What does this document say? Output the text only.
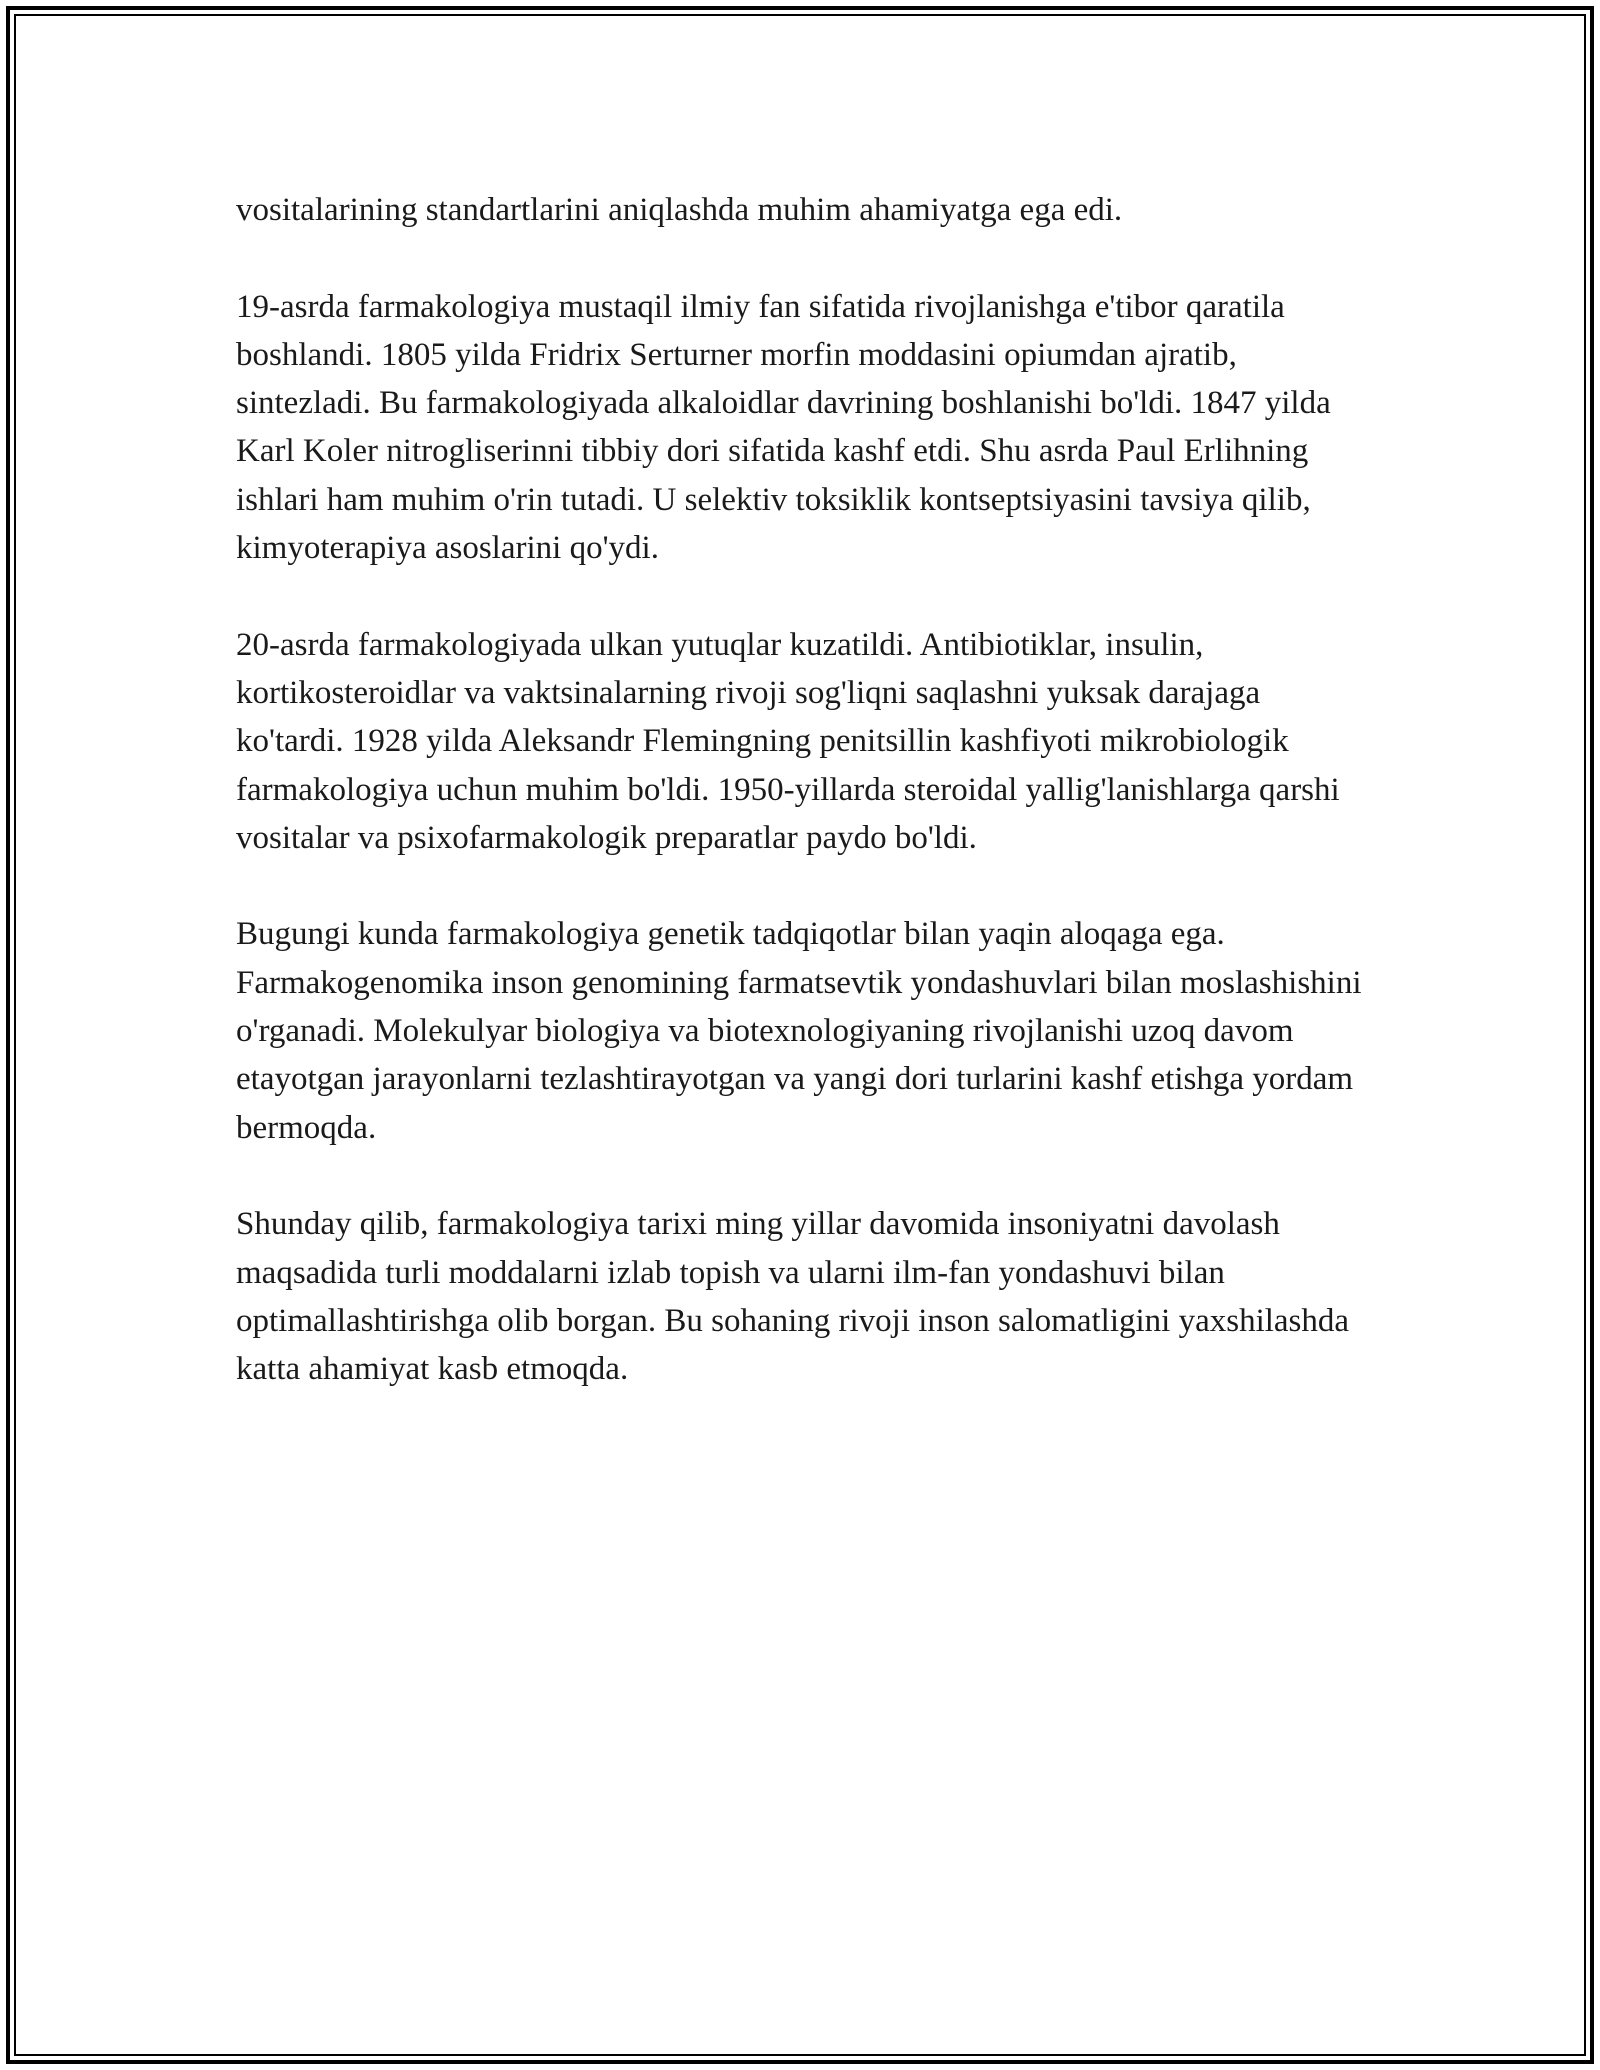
vositalarining standartlarini aniqlashda muhim ahamiyatga ega edi.

19-asrda farmakologiya mustaqil ilmiy fan sifatida rivojlanishga e'tibor qaratila boshlandi. 1805 yilda Fridrix Serturner morfin moddasini opiumdan ajratib, sintezladi. Bu farmakologiyada alkaloidlar davrining boshlanishi bo'ldi. 1847 yilda Karl Koler nitrogliserinni tibbiy dori sifatida kashf etdi. Shu asrda Paul Erlihning ishlari ham muhim o'rin tutadi. U selektiv toksiklik kontseptsiyasini tavsiya qilib, kimyoterapiya asoslarini qo'ydi.

20-asrda farmakologiyada ulkan yutuqlar kuzatildi. Antibiotiklar, insulin, kortikosteroidlar va vaktsinalarning rivoji sog'liqni saqlashni yuksak darajaga ko'tardi. 1928 yilda Aleksandr Flemingning penitsillin kashfiyoti mikrobiologik farmakologiya uchun muhim bo'ldi. 1950-yillarda steroidal yallig'lanishlarga qarshi vositalar va psixofarmakologik preparatlar paydo bo'ldi.

Bugungi kunda farmakologiya genetik tadqiqotlar bilan yaqin aloqaga ega. Farmakogenomika inson genomining farmatsevtik yondashuvlari bilan moslashishini o'rganadi. Molekulyar biologiya va biotexnologiyaning rivojlanishi uzoq davom etayotgan jarayonlarni tezlashtirayotgan va yangi dori turlarini kashf etishga yordam bermoqda.

Shunday qilib, farmakologiya tarixi ming yillar davomida insoniyatni davolash maqsadida turli moddalarni izlab topish va ularni ilm-fan yondashuvi bilan optimallashtirishga olib borgan. Bu sohaning rivoji inson salomatligini yaxshilashda katta ahamiyat kasb etmoqda.
